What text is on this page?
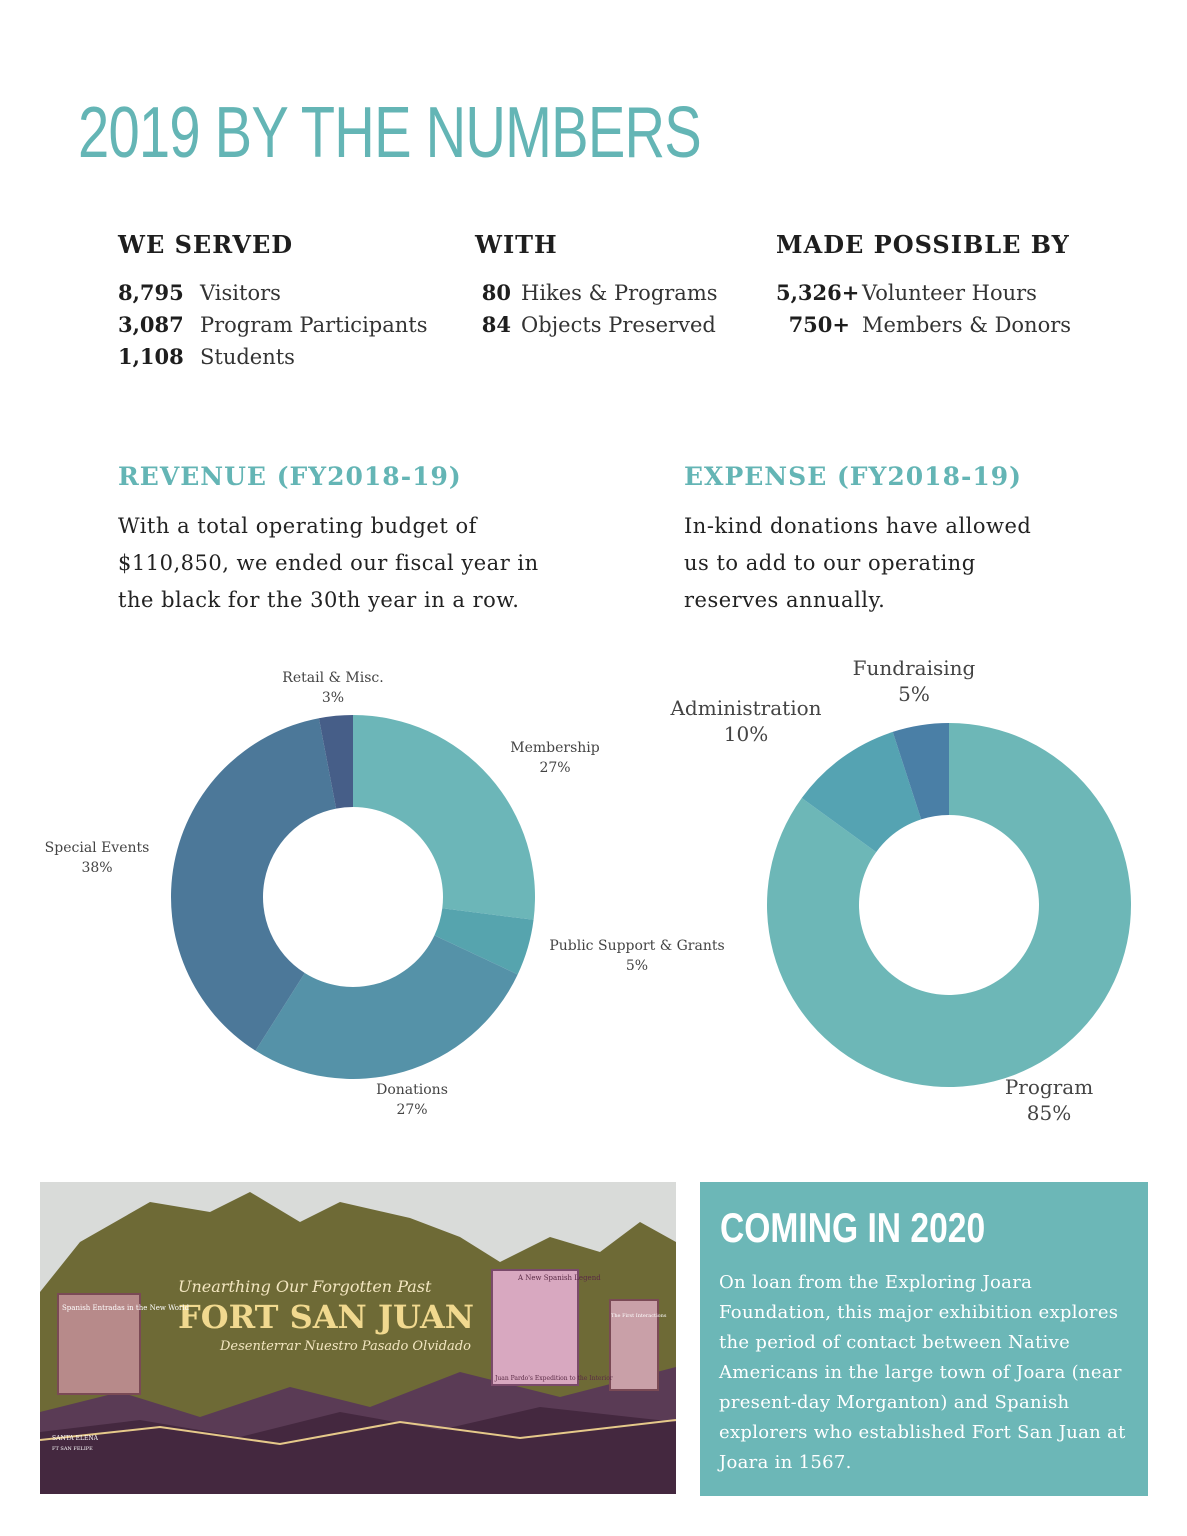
2019 BY THE NUMBERS
WE SERVED
8,795 Visitors
3,087 Program Participants
1,108 Students
WITH
80 Hikes & Programs
84 Objects Preserved
MADE POSSIBLE BY
5,326+ Volunteer Hours
750+ Members & Donors
REVENUE (FY2018-19)
With a total operating budget of $110,850, we ended our fiscal year in the black for the 30th year in a row.
EXPENSE (FY2018-19)
In-kind donations have allowed us to add to our operating reserves annually.
Membership
27%
Public Support & Grants
5%
Donations
27%
Special Events
38%
Retail & Misc.
3%
Program
85%
Administration
10%
Fundraising
5%
Unearthing Our Forgotten Past
FORT SAN JUAN
Desenterrar Nuestro Pasado Olvidado
Spanish Entradas in the New World
A New Spanish Legend
Juan Pardo's Expedition to the Interior
The First Interactions
SANTA ELENA
FT SAN FELIPE
COMING IN 2020
On loan from the Exploring Joara Foundation, this major exhibition explores the period of contact between Native Americans in the large town of Joara (near present-day Morganton) and Spanish explorers who established Fort San Juan at Joara in 1567.
